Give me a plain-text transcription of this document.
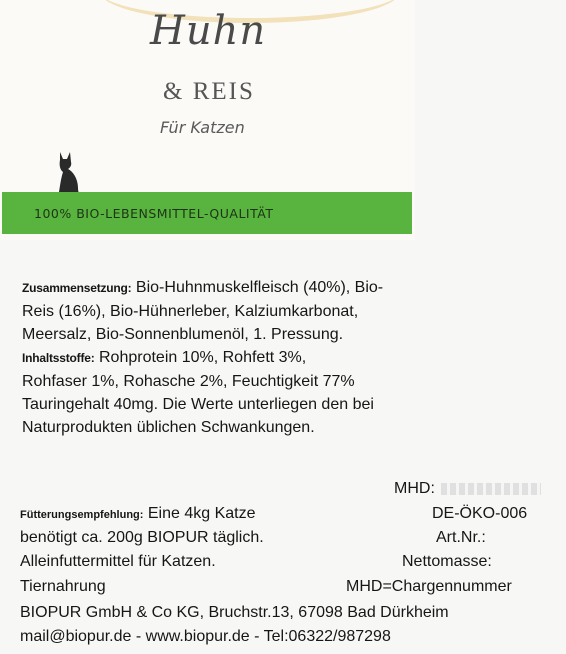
Huhn
& REIS
Für Katzen
100% BIO-LEBENSMITTEL-QUALITÄT
Zusammensetzung: Bio-Huhnmuskelfleisch (40%), Bio-
Reis (16%), Bio-Hühnerleber, Kalziumkarbonat,
Meersalz, Bio-Sonnenblumenöl, 1. Pressung.
Inhaltsstoffe: Rohprotein 10%, Rohfett 3%,
Rohfaser 1%, Rohasche 2%, Feuchtigkeit 77%
Tauringehalt 40mg. Die Werte unterliegen den bei
Naturprodukten üblichen Schwankungen.
MHD:
Fütterungsempfehlung: Eine 4kg Katze	DE-ÖKO-006
benötigt ca. 200g BIOPUR täglich.	Art.Nr.:
Alleinfuttermittel für Katzen.	Nettomasse:
Tiernahrung	MHD=Chargennummer
BIOPUR GmbH & Co KG, Bruchstr.13, 67098 Bad Dürkheim
mail@biopur.de - www.biopur.de - Tel:06322/987298
